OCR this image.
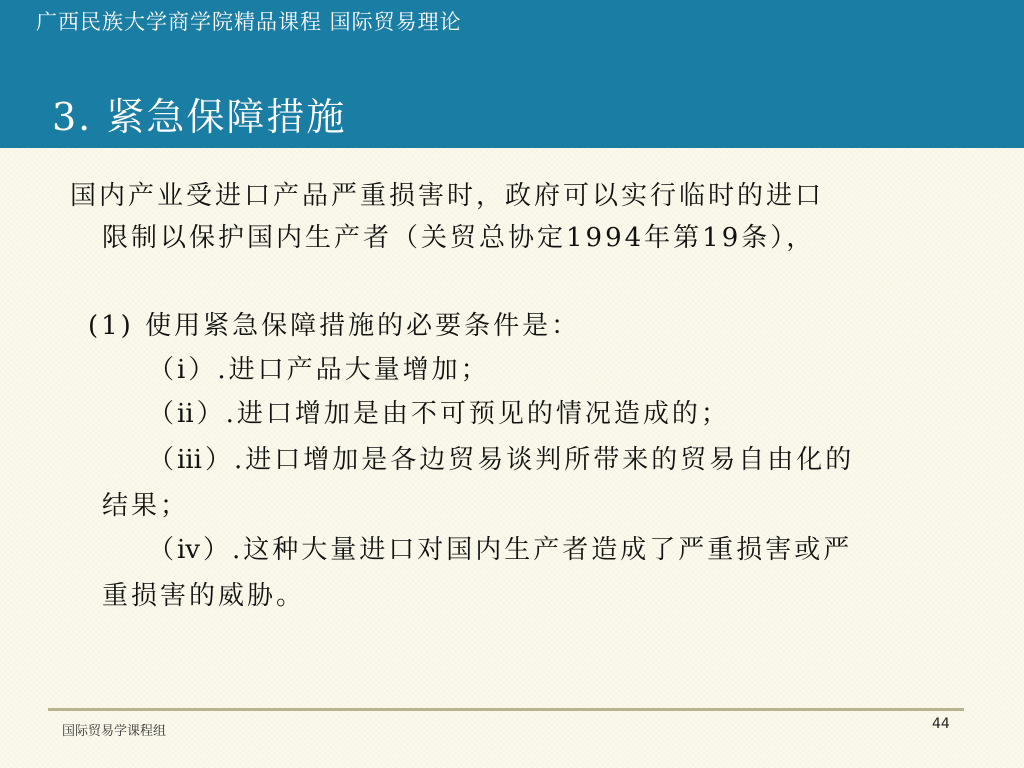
广西民族大学商学院精品课程 国际贸易理论
3. 紧急保障措施
国内产业受进口产品严重损害时，政府可以实行临时的进口
限制以保护国内生产者（关贸总协定1994年第19条），
(1) 使用紧急保障措施的必要条件是：
（ⅰ）.进口产品大量增加；
（ⅱ）.进口增加是由不可预见的情况造成的；
（ⅲ）.进口增加是各边贸易谈判所带来的贸易自由化的
结果；
（ⅳ）.这种大量进口对国内生产者造成了严重损害或严
重损害的威胁。
国际贸易学课程组	44
